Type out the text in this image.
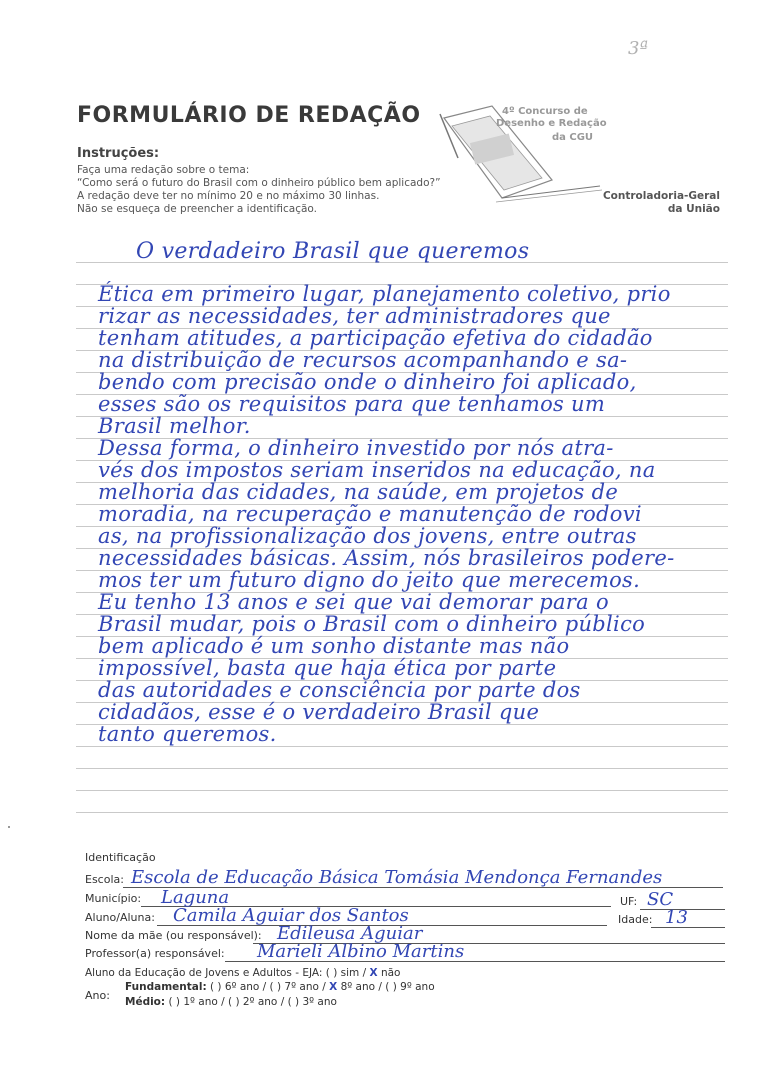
3ª
FORMULÁRIO DE REDAÇÃO
Instruções:
Faça uma redação sobre o tema:
“Como será o futuro do Brasil com o dinheiro público bem aplicado?”
A redação deve ter no mínimo 20 e no máximo 30 linhas.
Não se esqueça de preencher a identificação.
4º Concurso de
Desenho e Redação
da CGU
Controladoria-Geral
da União
O verdadeiro Brasil que queremos
Ética em primeiro lugar, planejamento coletivo, prio
rizar as necessidades, ter administradores que
tenham atitudes, a participação efetiva do cidadão
na distribuição de recursos acompanhando e sa-
bendo com precisão onde o dinheiro foi aplicado,
esses são os requisitos para que tenhamos um
Brasil melhor.
Dessa forma, o dinheiro investido por nós atra-
vés dos impostos seriam inseridos na educação, na
melhoria das cidades, na saúde, em projetos de
moradia, na recuperação e manutenção de rodovi
as, na profissionalização dos jovens, entre outras
necessidades básicas. Assim, nós brasileiros podere-
mos ter um futuro digno do jeito que merecemos.
Eu tenho 13 anos e sei que vai demorar para o
Brasil mudar, pois o Brasil com o dinheiro público
bem aplicado é um sonho distante mas não
impossível, basta que haja ética por parte
das autoridades e consciência por parte dos
cidadãos, esse é o verdadeiro Brasil que
tanto queremos.
Identificação
Escola: Escola de Educação Básica Tomásia Mendonça Fernandes
Município: Laguna	UF: SC
Aluno/Aluna: Camila Aguiar dos Santos	Idade: 13
Nome da mãe (ou responsável): Edileusa Aguiar
Professor(a) responsável: Marieli Albino Martins
Aluno da Educação de Jovens e Adultos - EJA: ( ) sim / X não
Ano:
Fundamental: ( ) 6º ano / ( ) 7º ano / X 8º ano / ( ) 9º ano
Médio: ( ) 1º ano / ( ) 2º ano / ( ) 3º ano
